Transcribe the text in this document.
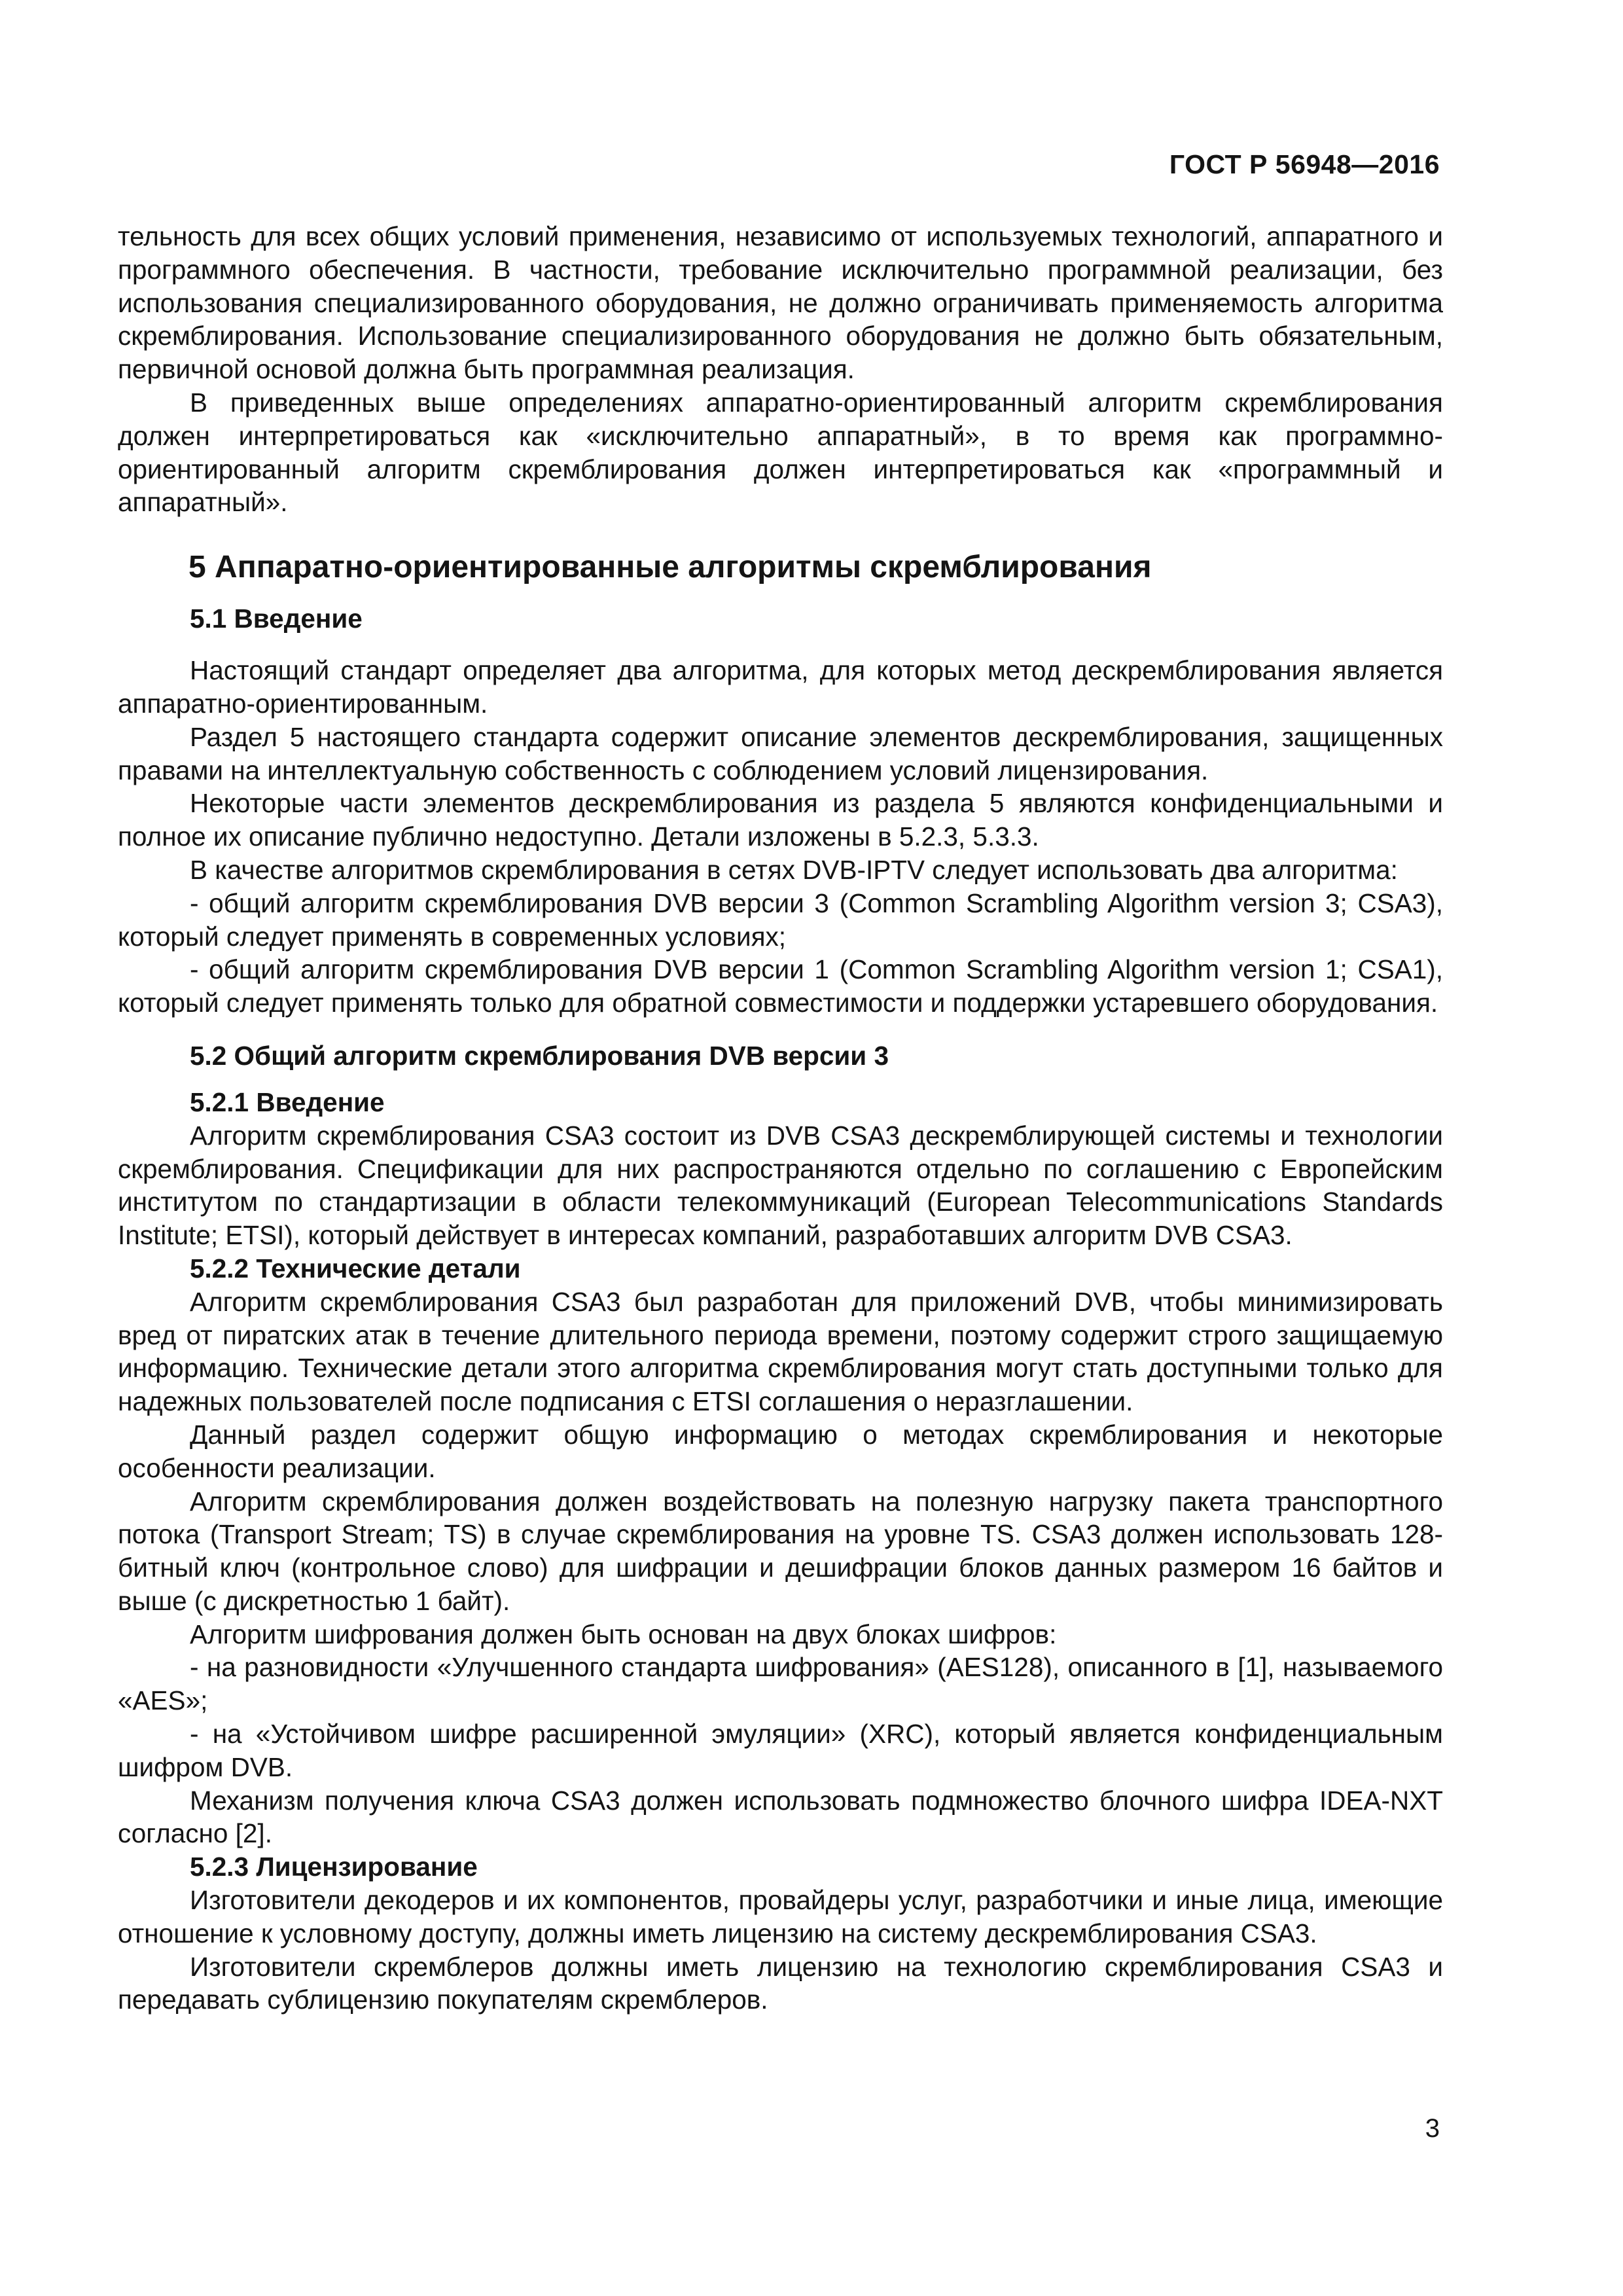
ГОСТ Р 56948—2016

тельность для всех общих условий применения, независимо от используемых технологий, аппаратного и программного обеспечения. В частности, требование исключительно программной реализации, без использования специализированного оборудования, не должно ограничивать применяемость алгоритма скремблирования. Использование специализированного оборудования не должно быть обязательным, первичной основой должна быть программная реализация.

В приведенных выше определениях аппаратно-ориентированный алгоритм скремблирования должен интерпретироваться как «исключительно аппаратный», в то время как программно-ориентированный алгоритм скремблирования должен интерпретироваться как «программный и аппаратный».

5 Аппаратно-ориентированные алгоритмы скремблирования
5.1 Введение

Настоящий стандарт определяет два алгоритма, для которых метод дескремблирования является аппаратно-ориентированным.

Раздел 5 настоящего стандарта содержит описание элементов дескремблирования, защищенных правами на интеллектуальную собственность с соблюдением условий лицензирования.

Некоторые части элементов дескремблирования из раздела 5 являются конфиденциальными и полное их описание публично недоступно. Детали изложены в 5.2.3, 5.3.3.

В качестве алгоритмов скремблирования в сетях DVB-IPTV следует использовать два алгоритма:

- общий алгоритм скремблирования DVB версии 3 (Common Scrambling Algorithm version 3; CSA3), который следует применять в современных условиях;

- общий алгоритм скремблирования DVB версии 1 (Common Scrambling Algorithm version 1; CSA1), который следует применять только для обратной совместимости и поддержки устаревшего оборудования.

5.2 Общий алгоритм скремблирования DVB версии 3
5.2.1 Введение

Алгоритм скремблирования CSA3 состоит из DVB CSA3 дескремблирующей системы и технологии скремблирования. Спецификации для них распространяются отдельно по соглашению с Европейским институтом по стандартизации в области телекоммуникаций (European Telecommunications Standards Institute; ETSI), который действует в интересах компаний, разработавших алгоритм DVB CSA3.

5.2.2 Технические детали

Алгоритм скремблирования CSA3 был разработан для приложений DVB, чтобы минимизировать вред от пиратских атак в течение длительного периода времени, поэтому содержит строго защищаемую информацию. Технические детали этого алгоритма скремблирования могут стать доступными только для надежных пользователей после подписания с ETSI соглашения о неразглашении.

Данный раздел содержит общую информацию о методах скремблирования и некоторые особенности реализации.

Алгоритм скремблирования должен воздействовать на полезную нагрузку пакета транспортного потока (Transport Stream; TS) в случае скремблирования на уровне TS. CSA3 должен использовать 128-битный ключ (контрольное слово) для шифрации и дешифрации блоков данных размером 16 байтов и выше (с дискретностью 1 байт).

Алгоритм шифрования должен быть основан на двух блоках шифров:

- на разновидности «Улучшенного стандарта шифрования» (AES128), описанного в [1], называемого «AES»;

- на «Устойчивом шифре расширенной эмуляции» (XRC), который является конфиденциальным шифром DVB.

Механизм получения ключа CSA3 должен использовать подмножество блочного шифра IDEA-NXT согласно [2].

5.2.3 Лицензирование

Изготовители декодеров и их компонентов, провайдеры услуг, разработчики и иные лица, имеющие отношение к условному доступу, должны иметь лицензию на систему дескремблирования CSA3.

Изготовители скремблеров должны иметь лицензию на технологию скремблирования CSA3 и передавать сублицензию покупателям скремблеров.

3
